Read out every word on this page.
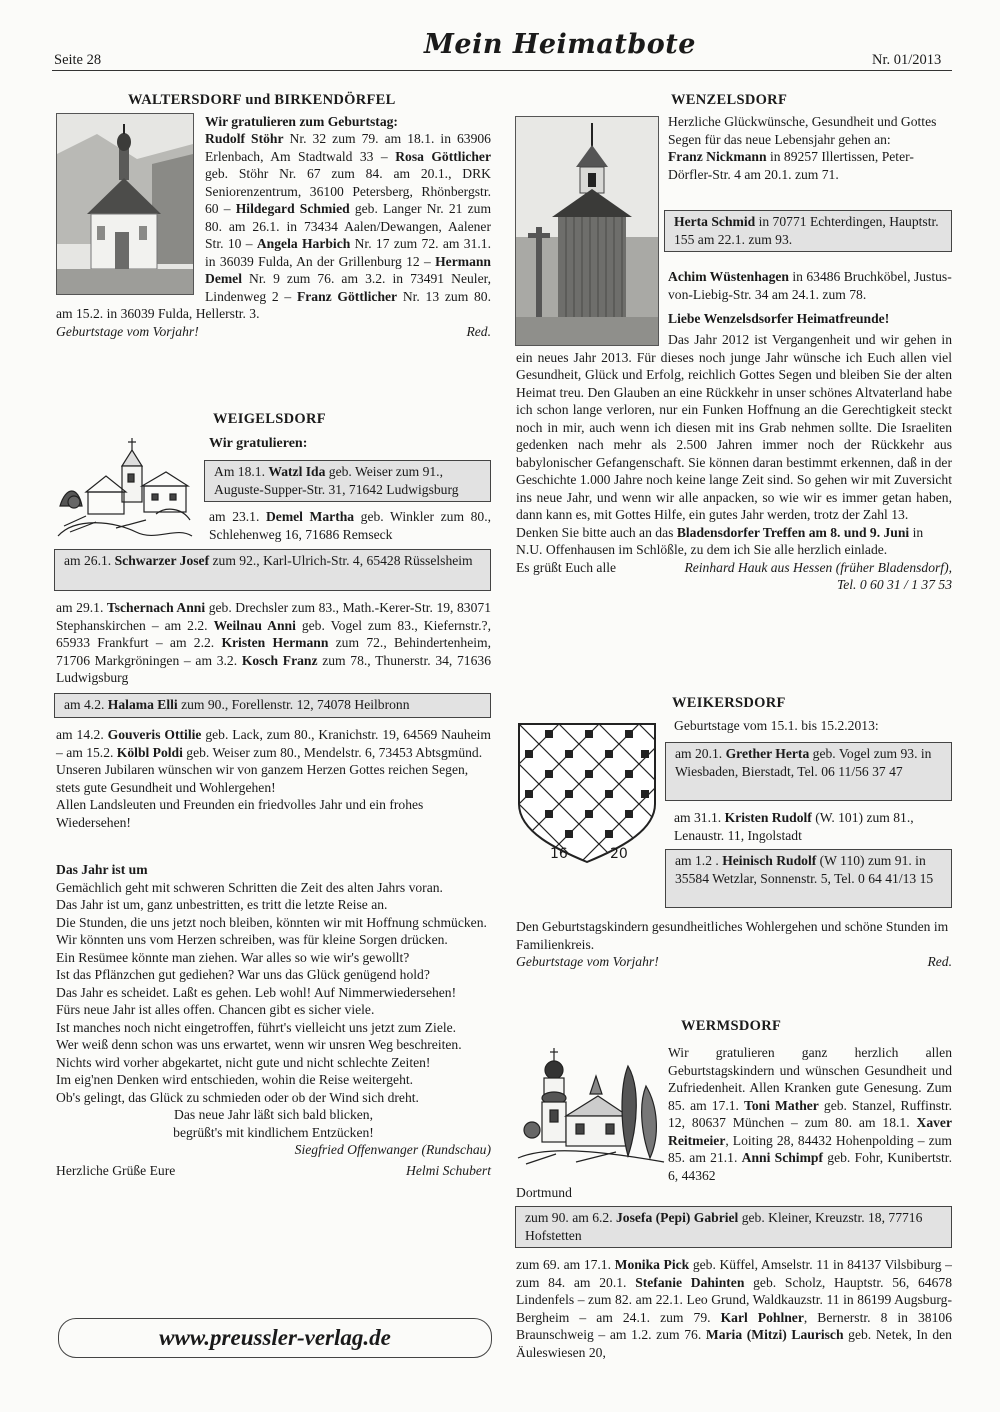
Seite 28	Mein Heimatbote	Nr. 01/2013
WALTERSDORF und BIRKENDÖRFEL

Wir gratulieren zum Geburtstag:

Rudolf Stöhr Nr. 32 zum 79. am 18.1. in 63906 Erlenbach, Am Stadtwald 33 – Rosa Göttlicher geb. Stöhr Nr. 67 zum 84. am 20.1., DRK Seniorenzentrum, 36100 Petersberg, Rhönbergstr. 60 – Hildegard Schmied geb. Langer Nr. 21 zum 80. am 26.1. in 73434 Aalen/Dewangen, Aalener Str. 10 – Angela Harbich Nr. 17 zum 72. am 31.1. in 36039 Fulda, An der Grillenburg 12 – Hermann Demel Nr. 9 zum 76. am 3.2. in 73491 Neuler, Lindenweg 2 – Franz Göttlicher Nr. 13 zum 80. am 15.2. in 36039 Fulda, Hellerstr. 3.

Geburtstage vom Vorjahr!	Red.

WEIGELSDORF
Wir gratulieren:
Am 18.1. Watzl Ida geb. Weiser zum 91., Auguste-Supper-Str. 31, 71642 Ludwigsburg

am 23.1. Demel Martha geb. Winkler zum 80., Schlehenweg 16, 71686 Remseck

am 26.1. Schwarzer Josef zum 92., Karl-Ulrich-Str. 4, 65428 Rüsselsheim

am 29.1. Tschernach Anni geb. Drechsler zum 83., Math.-Kerer-Str. 19, 83071 Stephanskirchen – am 2.2. Weilnau Anni geb. Vogel zum 83., Kiefernstr.?, 65933 Frankfurt – am 2.2. Kristen Hermann zum 72., Behindertenheim, 71706 Markgröningen – am 3.2. Kosch Franz zum 78., Thunerstr. 34, 71636 Ludwigsburg

am 4.2. Halama Elli zum 90., Forellenstr. 12, 74078 Heilbronn

am 14.2. Gouveris Ottilie geb. Lack, zum 80., Kranichstr. 19, 64569 Nauheim – am 15.2. Kölbl Poldi geb. Weiser zum 80., Mendelstr. 6, 73453 Abtsgmünd.

Unseren Jubilaren wünschen wir von ganzem Herzen Gottes reichen Segen, stets gute Gesundheit und Wohlergehen!

Allen Landsleuten und Freunden ein friedvolles Jahr und ein frohes Wiedersehen!

Das Jahr ist um

Gemächlich geht mit schweren Schritten die Zeit des alten Jahrs voran.

Das Jahr ist um, ganz unbestritten, es tritt die letzte Reise an.

Die Stunden, die uns jetzt noch bleiben, könnten wir mit Hoffnung schmücken.

Wir könnten uns vom Herzen schreiben, was für kleine Sorgen drücken.

Ein Resümee könnte man ziehen. War alles so wie wir's gewollt?

Ist das Pflänzchen gut gediehen? War uns das Glück genügend hold?

Das Jahr es scheidet. Laßt es gehen. Leb wohl! Auf Nimmerwiedersehen!

Fürs neue Jahr ist alles offen. Chancen gibt es sicher viele.

Ist manches noch nicht eingetroffen, führt's vielleicht uns jetzt zum Ziele.

Wer weiß denn schon was uns erwartet, wenn wir unsren Weg beschreiten.

Nichts wird vorher abgekartet, nicht gute und nicht schlechte Zeiten!

Im eig'nen Denken wird entschieden, wohin die Reise weitergeht.

Ob's gelingt, das Glück zu schmieden oder ob der Wind sich dreht.

Das neue Jahr läßt sich bald blicken,

begrüßt's mit kindlichem Entzücken!

Siegfried Offenwanger (Rundschau)

Herzliche Grüße Eure	Helmi Schubert

www.preussler-verlag.de
WENZELSDORF

Herzliche Glückwünsche, Gesundheit und Gottes Segen für das neue Lebensjahr gehen an:

Franz Nickmann in 89257 Illertissen, Peter-Dörfler-Str. 4 am 20.1. zum 71.

Herta Schmid in 70771 Echterdingen, Hauptstr. 155 am 22.1. zum 93.

Achim Wüstenhagen in 63486 Bruchköbel, Justus-von-Liebig-Str. 34 am 24.1. zum 78.

Liebe Wenzelsdsorfer Heimatfreunde!

Das Jahr 2012 ist Vergangenheit und wir gehen in ein neues Jahr 2013. Für dieses noch junge Jahr wünsche ich Euch allen viel Gesundheit, Glück und Erfolg, reichlich Gottes Segen und bleiben Sie der alten Heimat treu. Den Glauben an eine Rückkehr in unser schönes Altvaterland habe ich schon lange verloren, nur ein Funken Hoffnung an die Gerechtigkeit steckt noch in mir, auch wenn ich diesen mit ins Grab nehmen sollte. Die Israeliten gedenken nach mehr als 2.500 Jahren immer noch der Rückkehr aus babylonischer Gefangenschaft. Sie können daran bestimmt erkennen, daß in der Geschichte 1.000 Jahre noch keine lange Zeit sind. So gehen wir mit Zuversicht ins neue Jahr, und wenn wir alle anpacken, so wie wir es immer getan haben, dann kann es, mit Gottes Hilfe, ein gutes Jahr werden, trotz der Zahl 13.

Denken Sie bitte auch an das Bladensdorfer Treffen am 8. und 9. Juni in N.U. Offenhausen im Schlößle, zu dem ich Sie alle herzlich einlade.

Es grüßt Euch alle	Reinhard Hauk aus Hessen (früher Bladensdorf),

Tel. 0 60 31 / 1 37 53

WEIKERSDORF
Geburtstage vom 15.1. bis 15.2.2013:
16	20
am 20.1. Grether Herta geb. Vogel zum 93. in Wiesbaden, Bierstadt, Tel. 06 11/56 37 47

am 31.1. Kristen Rudolf (W. 101) zum 81., Lenaustr. 11, Ingolstadt

am 1.2 . Heinisch Rudolf (W 110) zum 91. in 35584 Wetzlar, Sonnenstr. 5, Tel. 0 64 41/13 15

Den Geburtstagskindern gesundheitliches Wohlergehen und schöne Stunden im Familienkreis.

Geburtstage vom Vorjahr!	Red.

WERMSDORF

Wir gratulieren ganz herzlich allen Geburtstagskindern und wünschen Gesundheit und Zufriedenheit. Allen Kranken gute Genesung. Zum 85. am 17.1. Toni Mather geb. Stanzel, Ruffinstr. 12, 80637 München – zum 80. am 18.1. Xaver Reitmeier, Loiting 28, 84432 Hohenpolding – zum 85. am 21.1. Anni Schimpf geb. Fohr, Kunibertstr. 6, 44362

Dortmund
zum 90. am 6.2. Josefa (Pepi) Gabriel geb. Kleiner, Kreuzstr. 18, 77716 Hofstetten

zum 69. am 17.1. Monika Pick geb. Küffel, Amselstr. 11 in 84137 Vilsbiburg – zum 84. am 20.1. Stefanie Dahinten geb. Scholz, Hauptstr. 56, 64678 Lindenfels – zum 82. am 22.1. Leo Grund, Waldkauzstr. 11 in 86199 Augsburg-Bergheim – am 24.1. zum 79. Karl Pohlner, Bernerstr. 8 in 38106 Braunschweig – am 1.2. zum 76. Maria (Mitzi) Laurisch geb. Netek, In den Äuleswiesen 20,
